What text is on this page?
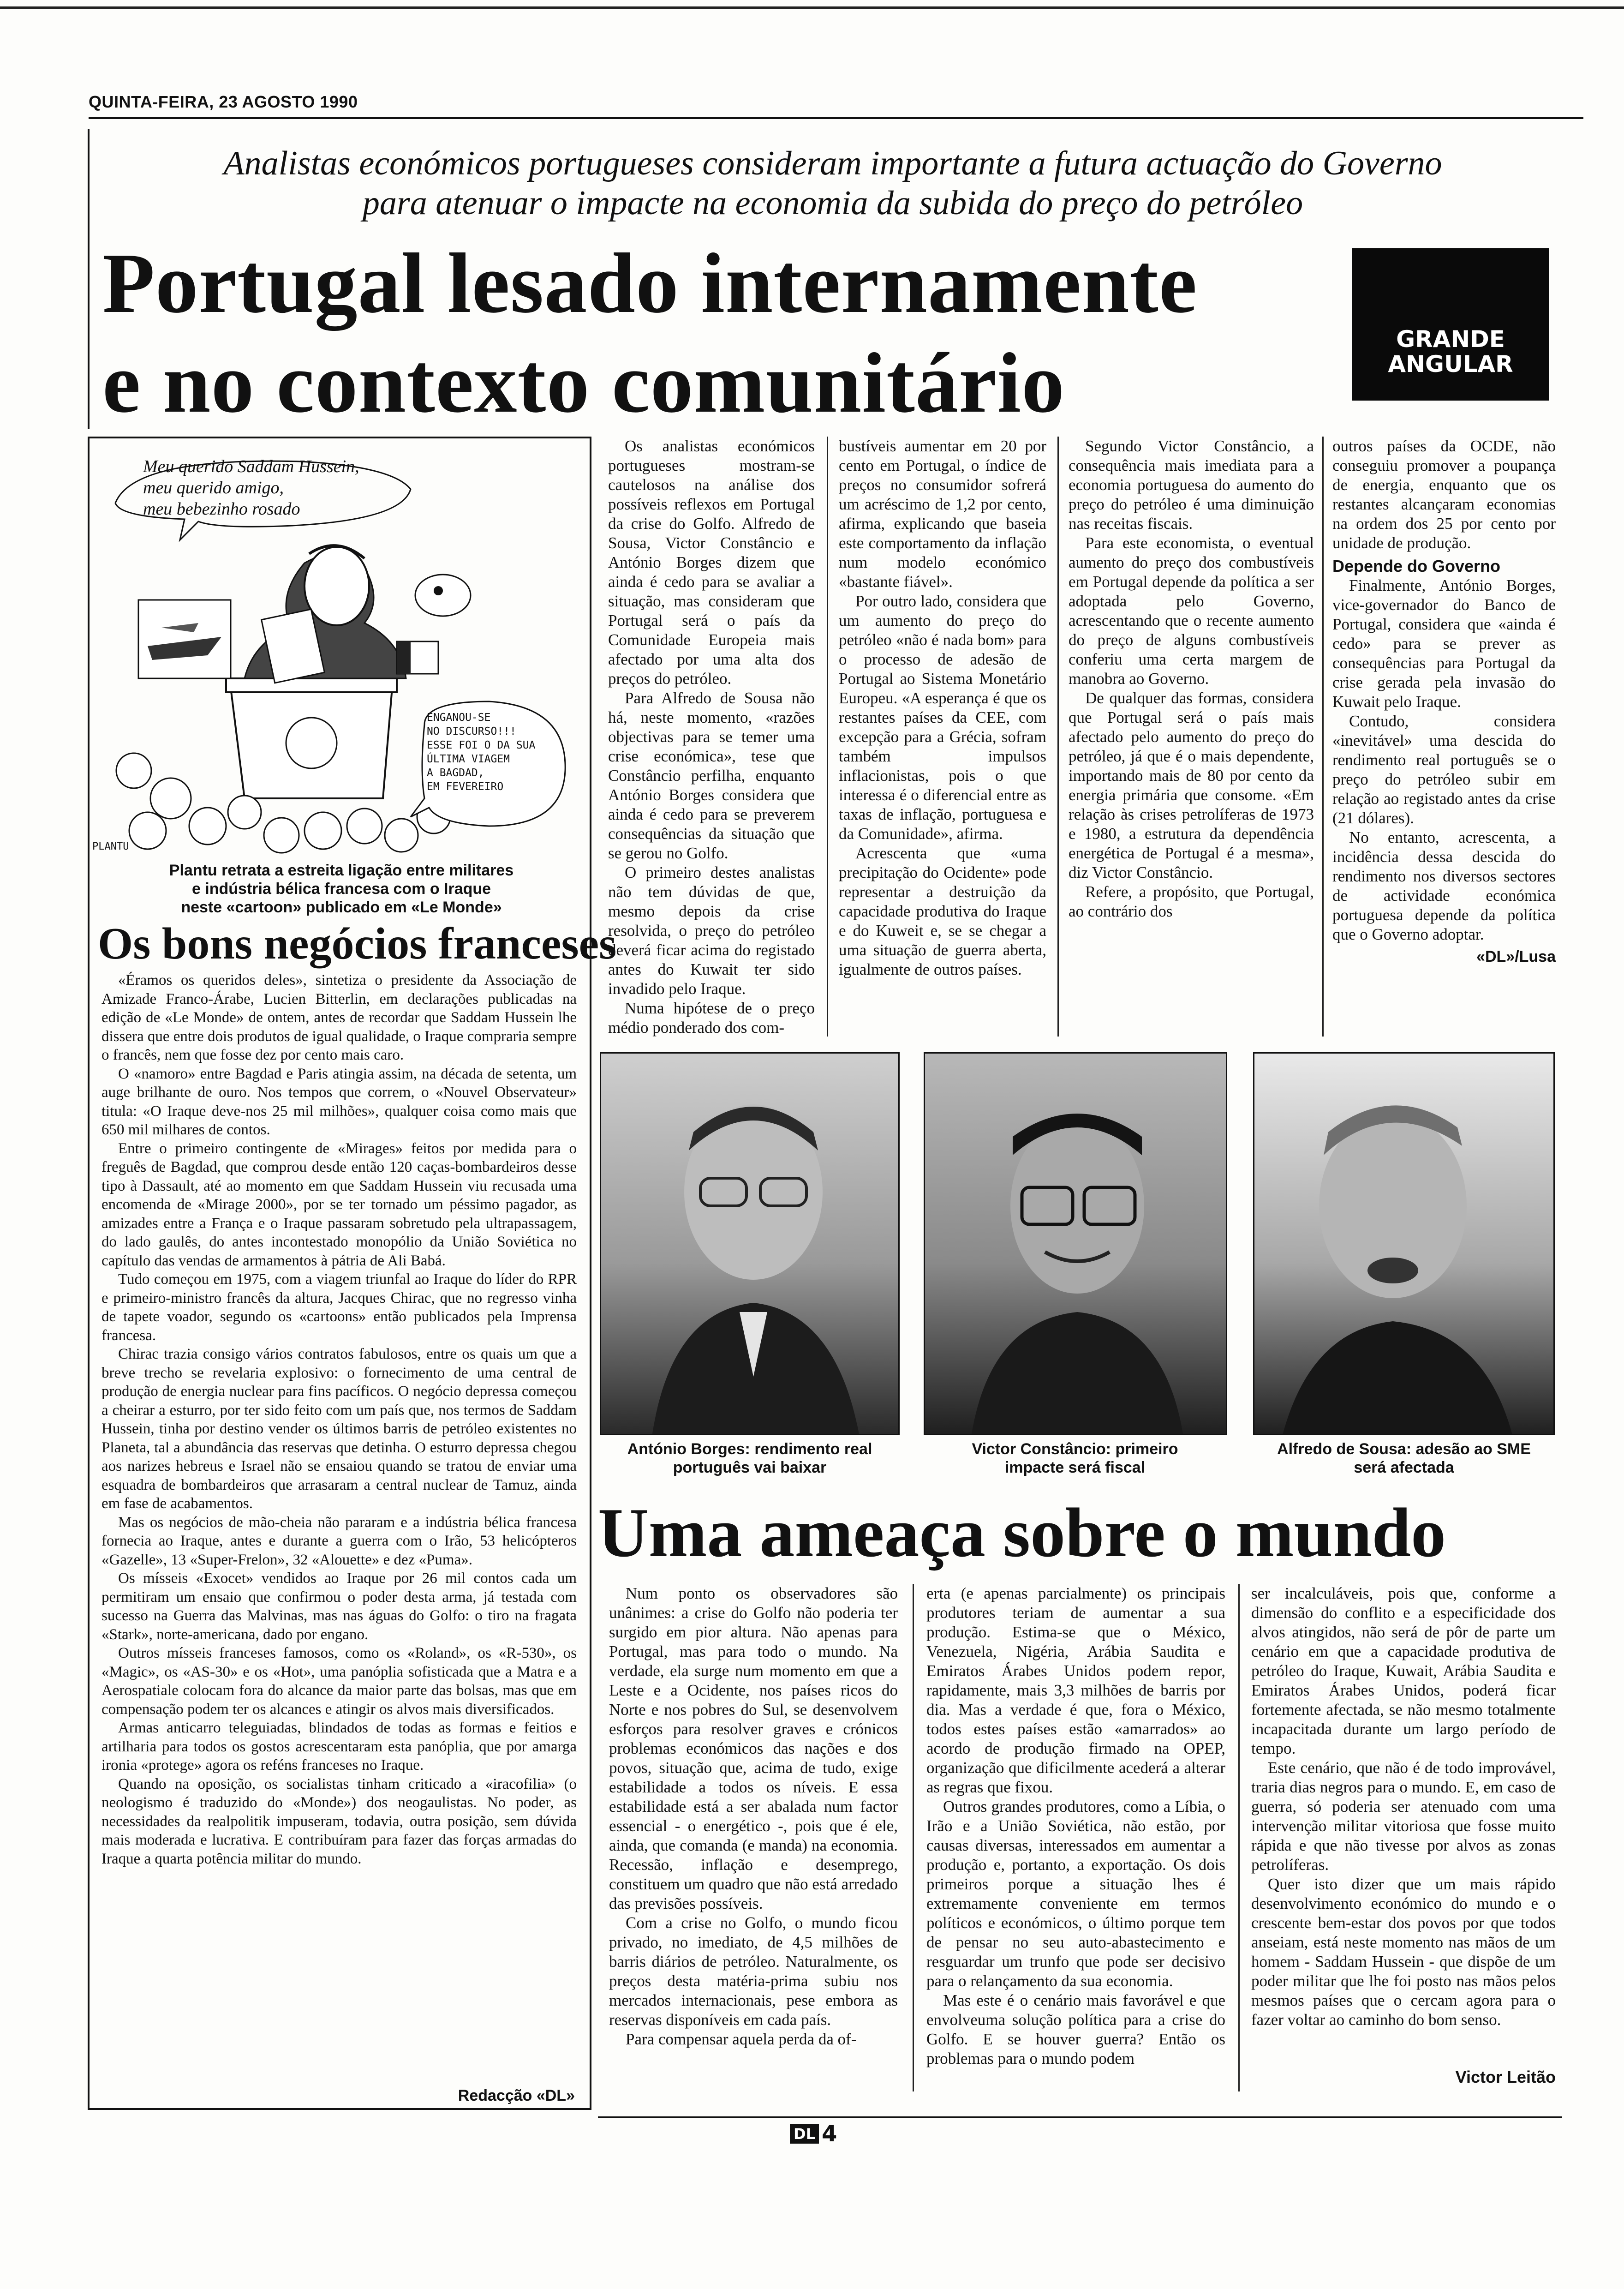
QUINTA-FEIRA, 23 AGOSTO 1990
Analistas económicos portugueses consideram importante a futura actuação do Governo
para atenuar o impacte na economia da subida do preço do petróleo
Portugal lesado internamente
e no contexto comunitário	GRANDE
ANGULAR
Meu querido Saddam Hussein,
meu querido amigo,
meu bebezinho rosado
ENGANOU-SE
NO DISCURSO!!!
ESSE FOI O DA SUA
ÚLTIMA VIAGEM
A BAGDAD,
EM FEVEREIRO
PLANTU
Plantu retrata a estreita ligação entre militares
e indústria bélica francesa com o Iraque
neste «cartoon» publicado em «Le Monde»
Os bons negócios franceses

«Éramos os queridos deles», sintetiza o presidente da Associação de Amizade Franco-Árabe, Lucien Bitterlin, em declarações publicadas na edição de «Le Monde» de ontem, antes de recordar que Saddam Hussein lhe dissera que entre dois produtos de igual qualidade, o Iraque compraria sempre o francês, nem que fosse dez por cento mais caro.

O «namoro» entre Bagdad e Paris atingia assim, na década de setenta, um auge brilhante de ouro. Nos tempos que correm, o «Nouvel Observateur» titula: «O Iraque deve-nos 25 mil milhões», qualquer coisa como mais que 650 mil milhares de contos.

Entre o primeiro contingente de «Mirages» feitos por medida para o freguês de Bagdad, que comprou desde então 120 caças-bombardeiros desse tipo à Dassault, até ao momento em que Saddam Hussein viu recusada uma encomenda de «Mirage 2000», por se ter tornado um péssimo pagador, as amizades entre a França e o Iraque passaram sobretudo pela ultrapassagem, do lado gaulês, do antes incontestado monopólio da União Soviética no capítulo das vendas de armamentos à pátria de Ali Babá.

Tudo começou em 1975, com a viagem triunfal ao Iraque do líder do RPR e primeiro-ministro francês da altura, Jacques Chirac, que no regresso vinha de tapete voador, segundo os «cartoons» então publicados pela Imprensa francesa.

Chirac trazia consigo vários contratos fabulosos, entre os quais um que a breve trecho se revelaria explosivo: o fornecimento de uma central de produção de energia nuclear para fins pacíficos. O negócio depressa começou a cheirar a esturro, por ter sido feito com um país que, nos termos de Saddam Hussein, tinha por destino vender os últimos barris de petróleo existentes no Planeta, tal a abundância das reservas que detinha. O esturro depressa chegou aos narizes hebreus e Israel não se ensaiou quando se tratou de enviar uma esquadra de bombardeiros que arrasaram a central nuclear de Tamuz, ainda em fase de acabamentos.

Mas os negócios de mão-cheia não pararam e a indústria bélica francesa fornecia ao Iraque, antes e durante a guerra com o Irão, 53 helicópteros «Gazelle», 13 «Super-Frelon», 32 «Alouette» e dez «Puma».

Os mísseis «Exocet» vendidos ao Iraque por 26 mil contos cada um permitiram um ensaio que confirmou o poder desta arma, já testada com sucesso na Guerra das Malvinas, mas nas águas do Golfo: o tiro na fragata «Stark», norte-americana, dado por engano.

Outros mísseis franceses famosos, como os «Roland», os «R-530», os «Magic», os «AS-30» e os «Hot», uma panóplia sofisticada que a Matra e a Aerospatiale colocam fora do alcance da maior parte das bolsas, mas que em compensação podem ter os alcances e atingir os alvos mais diversificados.

Armas anticarro teleguiadas, blindados de todas as formas e feitios e artilharia para todos os gostos acrescentaram esta panóplia, que por amarga ironia «protege» agora os reféns franceses no Iraque.

Quando na oposição, os socialistas tinham criticado a «iracofilia» (o neologismo é traduzido do «Monde») dos neogaulistas. No poder, as necessidades da realpolitik impuseram, todavia, outra posição, sem dúvida mais moderada e lucrativa. E contribuíram para fazer das forças armadas do Iraque a quarta potência militar do mundo.

Redacção «DL»

Os analistas económicos portugueses mostram-se cautelosos na análise dos possíveis reflexos em Portugal da crise do Golfo. Alfredo de Sousa, Victor Constâncio e António Borges dizem que ainda é cedo para se avaliar a situação, mas consideram que Portugal será o país da Comunidade Europeia mais afectado por uma alta dos preços do petróleo.

Para Alfredo de Sousa não há, neste momento, «razões objectivas para se temer uma crise económica», tese que Constâncio perfilha, enquanto António Borges considera que ainda é cedo para se preverem consequências da situação que se gerou no Golfo.

O primeiro destes analistas não tem dúvidas de que, mesmo depois da crise resolvida, o preço do petróleo deverá ficar acima do registado antes do Kuwait ter sido invadido pelo Iraque.

Numa hipótese de o preço médio ponderado dos com-

bustíveis aumentar em 20 por cento em Portugal, o índice de preços no consumidor sofrerá um acréscimo de 1,2 por cento, afirma, explicando que baseia este comportamento da inflação num modelo económico «bastante fiável».

Por outro lado, considera que um aumento do preço do petróleo «não é nada bom» para o processo de adesão de Portugal ao Sistema Monetário Europeu. «A esperança é que os restantes países da CEE, com excepção para a Grécia, sofram também impulsos inflacionistas, pois o que interessa é o diferencial entre as taxas de inflação, portuguesa e da Comunidade», afirma.

Acrescenta que «uma precipitação do Ocidente» pode representar a destruição da capacidade produtiva do Iraque e do Kuweit e, se se chegar a uma situação de guerra aberta, igualmente de outros países.

Segundo Victor Constâncio, a consequência mais imediata para a economia portuguesa do aumento do preço do petróleo é uma diminuição nas receitas fiscais.

Para este economista, o eventual aumento do preço dos combustíveis em Portugal depende da política a ser adoptada pelo Governo, acrescentando que o recente aumento do preço de alguns combustíveis conferiu uma certa margem de manobra ao Governo.

De qualquer das formas, considera que Portugal será o país mais afectado pelo aumento do preço do petróleo, já que é o mais dependente, importando mais de 80 por cento da energia primária que consome. «Em relação às crises petrolíferas de 1973 e 1980, a estrutura da dependência energética de Portugal é a mesma», diz Victor Constâncio.

Refere, a propósito, que Portugal, ao contrário dos

outros países da OCDE, não conseguiu promover a poupança de energia, enquanto que os restantes alcançaram economias na ordem dos 25 por cento por unidade de produção.

Depende do Governo

Finalmente, António Borges, vice-governador do Banco de Portugal, considera que «ainda é cedo» para se prever as consequências para Portugal da crise gerada pela invasão do Kuwait pelo Iraque.

Contudo, considera «inevitável» uma descida do rendimento real português se o preço do petróleo subir em relação ao registado antes da crise (21 dólares).

No entanto, acrescenta, a incidência dessa descida do rendimento nos diversos sectores de actividade económica portuguesa depende da política que o Governo adoptar.

«DL»/Lusa
António Borges: rendimento real
português vai baixar
Victor Constâncio: primeiro
impacte será fiscal
Alfredo de Sousa: adesão ao SME
será afectada
Uma ameaça sobre o mundo

Num ponto os observadores são unânimes: a crise do Golfo não poderia ter surgido em pior altura. Não apenas para Portugal, mas para todo o mundo. Na verdade, ela surge num momento em que a Leste e a Ocidente, nos países ricos do Norte e nos pobres do Sul, se desenvolvem esforços para resolver graves e crónicos problemas económicos das nações e dos povos, situação que, acima de tudo, exige estabilidade a todos os níveis. E essa estabilidade está a ser abalada num factor essencial - o energético -, pois que é ele, ainda, que comanda (e manda) na economia. Recessão, inflação e desemprego, constituem um quadro que não está arredado das previsões possíveis.

Com a crise no Golfo, o mundo ficou privado, no imediato, de 4,5 milhões de barris diários de petróleo. Naturalmente, os preços desta matéria-prima subiu nos mercados internacionais, pese embora as reservas disponíveis em cada país.

Para compensar aquela perda da of-

erta (e apenas parcialmente) os principais produtores teriam de aumentar a sua produção. Estima-se que o México, Venezuela, Nigéria, Arábia Saudita e Emiratos Árabes Unidos podem repor, rapidamente, mais 3,3 milhões de barris por dia. Mas a verdade é que, fora o México, todos estes países estão «amarrados» ao acordo de produção firmado na OPEP, organização que dificilmente acederá a alterar as regras que fixou.

Outros grandes produtores, como a Líbia, o Irão e a União Soviética, não estão, por causas diversas, interessados em aumentar a produção e, portanto, a exportação. Os dois primeiros porque a situação lhes é extremamente conveniente em termos políticos e económicos, o último porque tem de pensar no seu auto-abastecimento e resguardar um trunfo que pode ser decisivo para o relançamento da sua economia.

Mas este é o cenário mais favorável e que envolveuma solução política para a crise do Golfo. E se houver guerra? Então os problemas para o mundo podem

ser incalculáveis, pois que, conforme a dimensão do conflito e a especificidade dos alvos atingidos, não será de pôr de parte um cenário em que a capacidade produtiva de petróleo do Iraque, Kuwait, Arábia Saudita e Emiratos Árabes Unidos, poderá ficar fortemente afectada, se não mesmo totalmente incapacitada durante um largo período de tempo.

Este cenário, que não é de todo improvável, traria dias negros para o mundo. E, em caso de guerra, só poderia ser atenuado com uma intervenção militar vitoriosa que fosse muito rápida e que não tivesse por alvos as zonas petrolíferas.

Quer isto dizer que um mais rápido desenvolvimento económico do mundo e o crescente bem-estar dos povos por que todos anseiam, está neste momento nas mãos de um homem - Saddam Hussein - que dispõe de um poder militar que lhe foi posto nas mãos pelos mesmos países que o cercam agora para o fazer voltar ao caminho do bom senso.

Victor Leitão
DL 4
